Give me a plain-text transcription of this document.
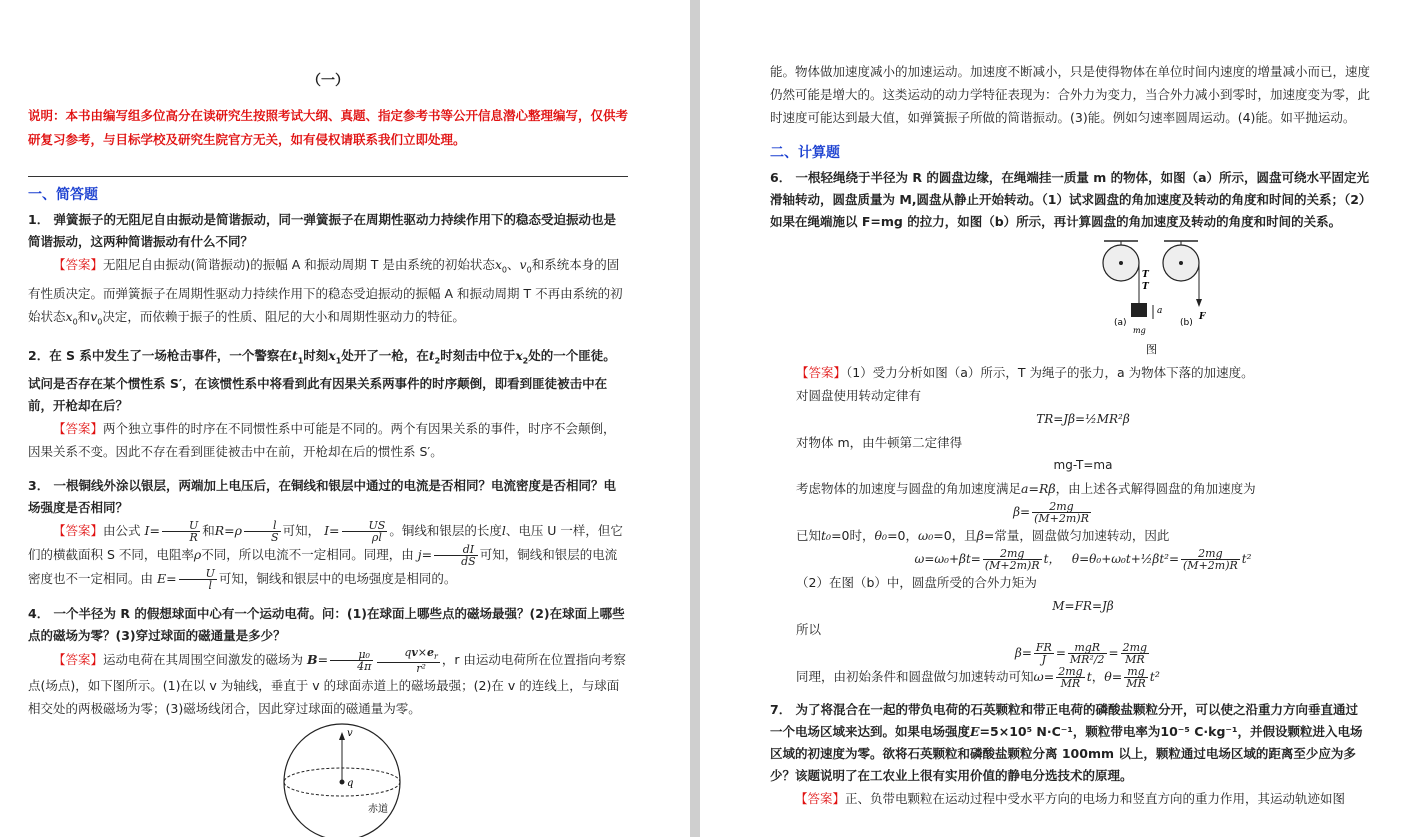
（一）
说明：本书由编写组多位高分在读研究生按照考试大纲、真题、指定参考书等公开信息潜心整理编写，仅供考研复习参考，与目标学校及研究生院官方无关，如有侵权请联系我们立即处理。
一、简答题
1． 弹簧振子的无阻尼自由振动是简谐振动，同一弹簧振子在周期性驱动力持续作用下的稳态受迫振动也是简谐振动，这两种简谐振动有什么不同？
【答案】无阻尼自由振动(简谐振动)的振幅 A 和振动周期 T 是由系统的初始状态$x_0$、$v_0$和系统本身的固有性质决定。而弹簧振子在周期性驱动力持续作用下的稳态受迫振动的振幅 A 和振动周期 T 不再由系统的初始状态$x_0$和$v_0$决定，而依赖于振子的性质、阻尼的大小和周期性驱动力的特征。
2．在 S 系中发生了一场枪击事件，一个警察在$t_1$时刻$x_1$处开了一枪，在$t_2$时刻击中位于$x_2$处的一个匪徒。试问是否存在某个惯性系 S′，在该惯性系中将看到此有因果关系两事件的时序颠倒，即看到匪徒被击中在前，开枪却在后？
【答案】两个独立事件的时序在不同惯性系中可能是不同的。两个有因果关系的事件，时序不会颠倒，因果关系不变。因此不存在看到匪徒被击中在前，开枪却在后的惯性系 S′。
3． 一根铜线外涂以银层，两端加上电压后，在铜线和银层中通过的电流是否相同？电流密度是否相同？电场强度是否相同？
【答案】由公式 $I= \frac{U}{R}$ 和$R=\rho \frac{l}{S}$ 可知， $I= \frac{US}{\rho l}$ 。铜线和银层的长度l、电压 U 一样，但它们的横截面积 S 不同，电阻率ρ不同，所以电流不一定相同。同理，由 $j= \frac{dI}{dS}$ 可知，铜线和银层的电流密度也不一定相同。由 $E= \frac{U}{l}$ 可知，铜线和银层中的电场强度是相同的。
4． 一个半径为 R 的假想球面中心有一个运动电荷。问：(1)在球面上哪些点的磁场最强？(2)在球面上哪些点的磁场为零？(3)穿过球面的磁通量是多少？
【答案】运动电荷在其周围空间激发的磁场为 $B= \frac{\text{μ₀}}{4\pi} \frac{qv\times e_r}{\text{r²}}$ ，r 由运动电荷所在位置指向考察点(场点)，如下图所示。(1)在以 v 为轴线，垂直于 v 的球面赤道上的磁场最强；(2)在 v 的连线上，与球面相交处的两极磁场为零；(3)磁场线闭合，因此穿过球面的磁通量为零。
v
q
赤道
能。物体做加速度减小的加速运动。加速度不断减小，只是使得物体在单位时间内速度的增量减小而已，速度仍然可能是增大的。这类运动的动力学特征表现为：合外力为变力，当合外力减小到零时，加速度变为零，此时速度可能达到最大值，如弹簧振子所做的简谐振动。(3)能。例如匀速率圆周运动。(4)能。如平抛运动。
二、计算题
6． 一根轻绳绕于半径为 R 的圆盘边缘，在绳端挂一质量 m 的物体，如图（a）所示，圆盘可绕水平固定光滑轴转动，圆盘质量为 M,圆盘从静止开始转动。（1）试求圆盘的角加速度及转动的角度和时间的关系；（2）如果在绳端施以 F=mg 的拉力，如图（b）所示，再计算圆盘的角加速度及转动的角度和时间的关系。
T
T
a
mg
(a)
F
(b)
图
【答案】（1）受力分析如图（a）所示，T 为绳子的张力，a 为物体下落的加速度。
对圆盘使用转动定律有
TR=Jβ=½MR²β
对物体 m，由牛顿第二定律得
mg-T=ma
考虑物体的加速度与圆盘的角加速度满足a=Rβ，由上述各式解得圆盘的角加速度为
$\beta= \frac{2mg}{(M+2m)R}$
已知t₀=0时，θ₀=0，ω₀=0，且β=常量，圆盘做匀加速转动，因此
$\omega=\omega_0+\beta t= \frac{2mg}{(M+2m)R}$ t，   θ=θ₀+ω₀t+½βt²= $\frac{2mg}{(M+2m)R} t^2$
（2）在图（b）中，圆盘所受的合外力矩为
M=FR=Jβ
所以
$\beta= \frac{FR}{J} = \frac{\text{mgR}}{\text{MR²/2}} = \frac{2mg}{MR}$
同理，由初始条件和圆盘做匀加速转动可知$\omega= \frac{2mg}{MR}$ t，$\theta= \frac{mg}{MR} t^2$
7． 为了将混合在一起的带负电荷的石英颗粒和带正电荷的磷酸盐颗粒分开，可以使之沿重力方向垂直通过一个电场区域来达到。如果电场强度E=5×10⁵ N·C⁻¹，颗粒带电率为10⁻⁵ C·kg⁻¹，并假设颗粒进入电场区域的初速度为零。欲将石英颗粒和磷酸盐颗粒分离 100mm 以上，颗粒通过电场区域的距离至少应为多少？该题说明了在工农业上很有实用价值的静电分选技术的原理。
【答案】正、负带电颗粒在运动过程中受水平方向的电场力和竖直方向的重力作用，其运动轨迹如图
